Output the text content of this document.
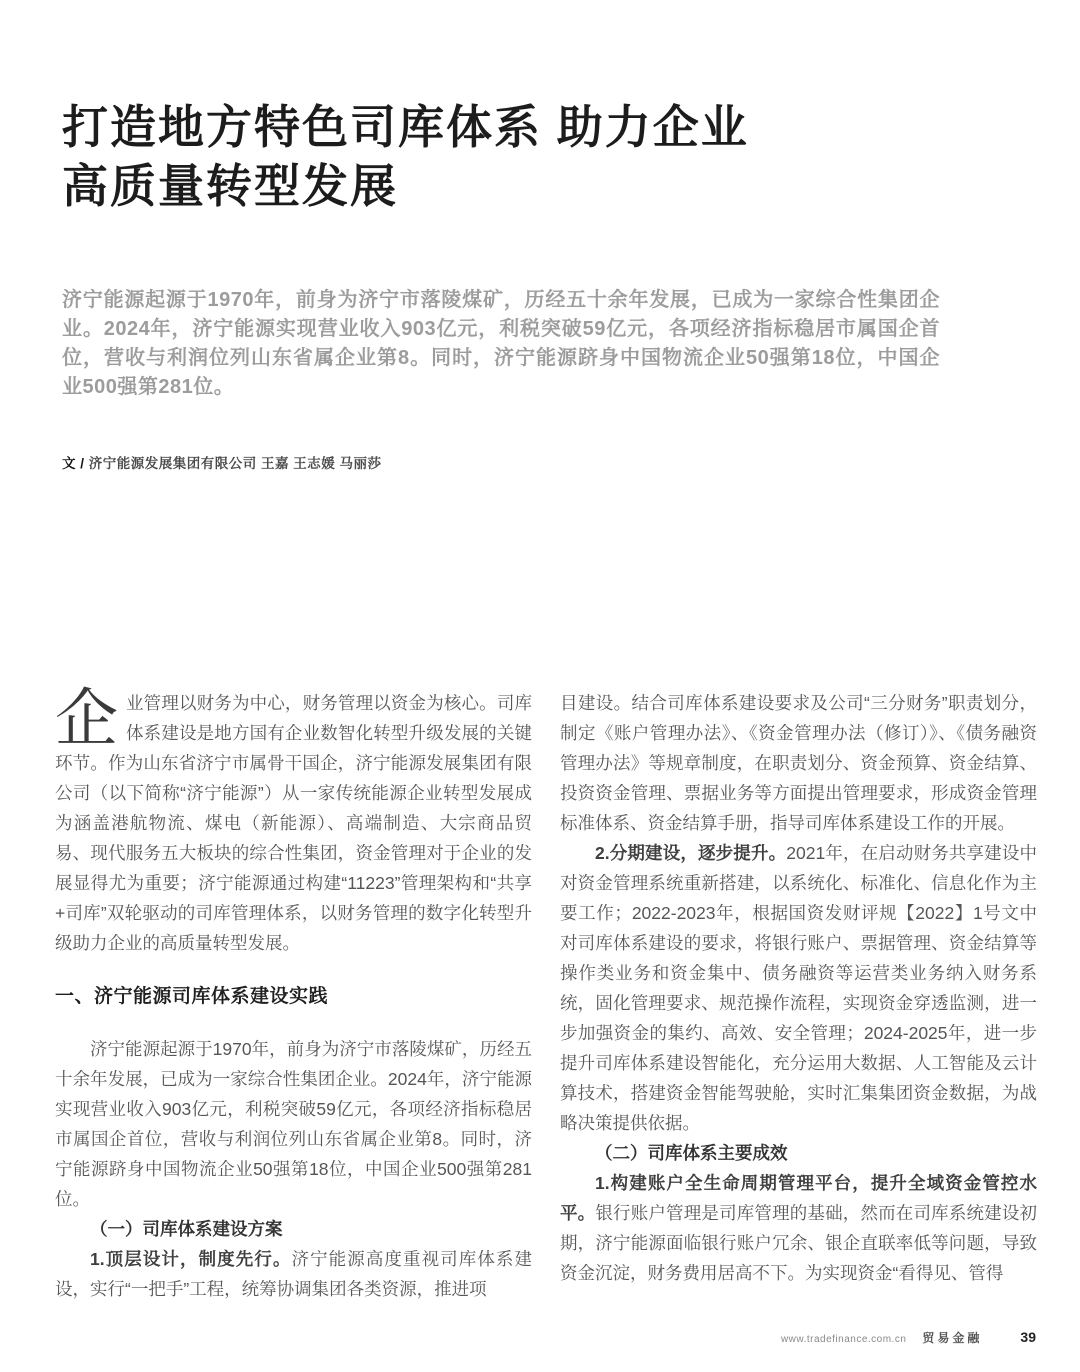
打造地方特色司库体系 助力企业
高质量转型发展

济宁能源起源于1970年，前身为济宁市落陵煤矿，历经五十余年发展，已成为一家综合性集团企业。2024年，济宁能源实现营业收入903亿元，利税突破59亿元，各项经济指标稳居市属国企首位，营收与利润位列山东省属企业第8。同时，济宁能源跻身中国物流企业50强第18位，中国企业500强第281位。

文 / 济宁能源发展集团有限公司 王嘉 王志媛 马丽莎

企业管理以财务为中心，财务管理以资金为核心。司库体系建设是地方国有企业数智化转型升级发展的关键环节。作为山东省济宁市属骨干国企，济宁能源发展集团有限公司（以下简称“济宁能源”）从一家传统能源企业转型发展成为涵盖港航物流、煤电（新能源）、高端制造、大宗商品贸易、现代服务五大板块的综合性集团，资金管理对于企业的发展显得尤为重要；济宁能源通过构建“11223”管理架构和“共享+司库”双轮驱动的司库管理体系，以财务管理的数字化转型升级助力企业的高质量转型发展。

一、济宁能源司库体系建设实践

济宁能源起源于1970年，前身为济宁市落陵煤矿，历经五十余年发展，已成为一家综合性集团企业。2024年，济宁能源实现营业收入903亿元，利税突破59亿元，各项经济指标稳居市属国企首位，营收与利润位列山东省属企业第8。同时，济宁能源跻身中国物流企业50强第18位，中国企业500强第281位。

（一）司库体系建设方案

1.顶层设计，制度先行。济宁能源高度重视司库体系建设，实行“一把手”工程，统筹协调集团各类资源，推进项

目建设。结合司库体系建设要求及公司“三分财务”职责划分，制定《账户管理办法》、《资金管理办法（修订）》、《债务融资管理办法》等规章制度，在职责划分、资金预算、资金结算、投资资金管理、票据业务等方面提出管理要求，形成资金管理标准体系、资金结算手册，指导司库体系建设工作的开展。

2.分期建设，逐步提升。2021年，在启动财务共享建设中对资金管理系统重新搭建，以系统化、标准化、信息化作为主要工作；2022-2023年，根据国资发财评规【2022】1号文中对司库体系建设的要求，将银行账户、票据管理、资金结算等操作类业务和资金集中、债务融资等运营类业务纳入财务系统，固化管理要求、规范操作流程，实现资金穿透监测，进一步加强资金的集约、高效、安全管理；2024-2025年，进一步提升司库体系建设智能化，充分运用大数据、人工智能及云计算技术，搭建资金智能驾驶舱，实时汇集集团资金数据，为战略决策提供依据。

（二）司库体系主要成效

1.构建账户全生命周期管理平台，提升全域资金管控水平。银行账户管理是司库管理的基础，然而在司库系统建设初期，济宁能源面临银行账户冗余、银企直联率低等问题，导致资金沉淀，财务费用居高不下。为实现资金“看得见、管得

www.tradefinance.com.cn 贸易金融	39
